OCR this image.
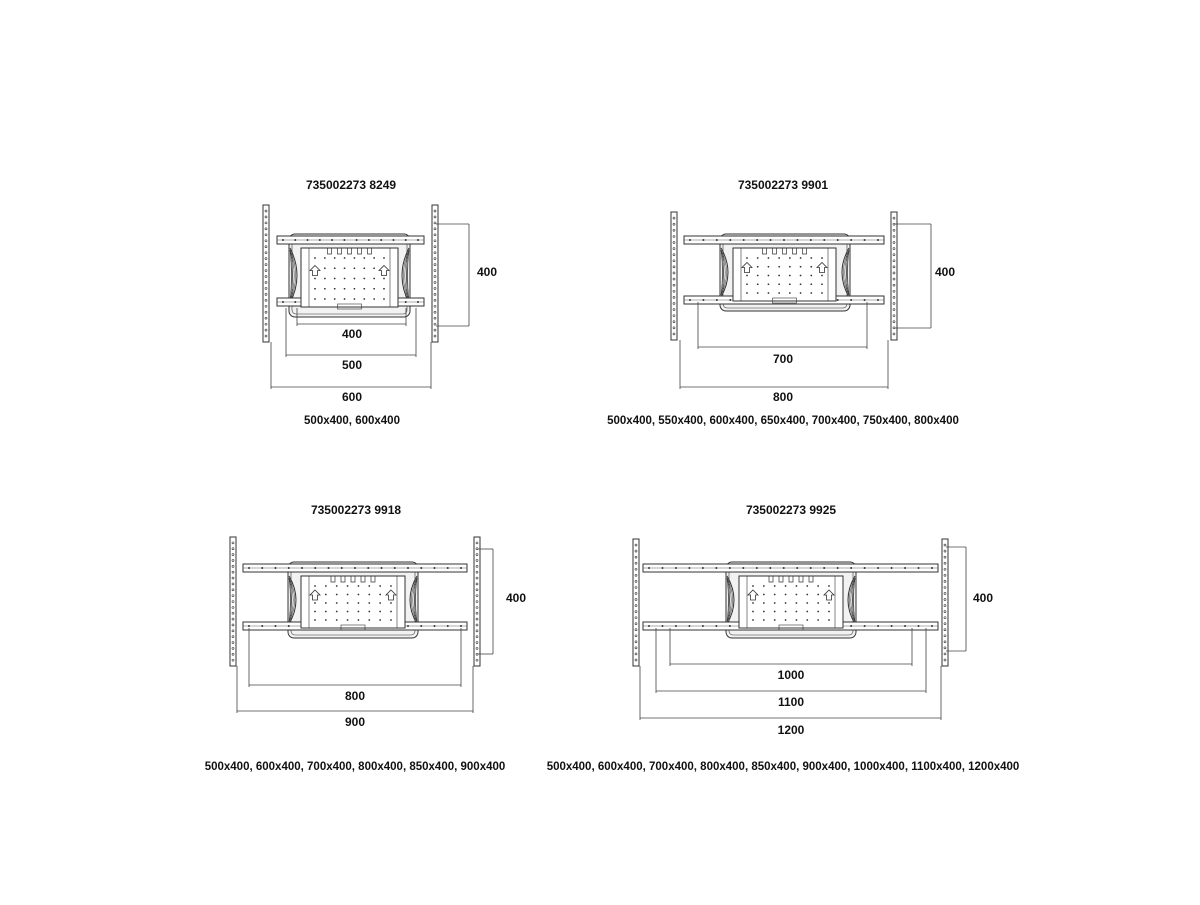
735002273 8249
400
400
500
600
500x400, 600x400
735002273 9901
400
700
800
500x400, 550x400, 600x400, 650x400, 700x400, 750x400, 800x400
735002273 9918
400
800
900
500x400, 600x400, 700x400, 800x400, 850x400, 900x400
735002273 9925
400
1000
1100
1200
500x400, 600x400, 700x400, 800x400, 850x400, 900x400, 1000x400, 1100x400, 1200x400
